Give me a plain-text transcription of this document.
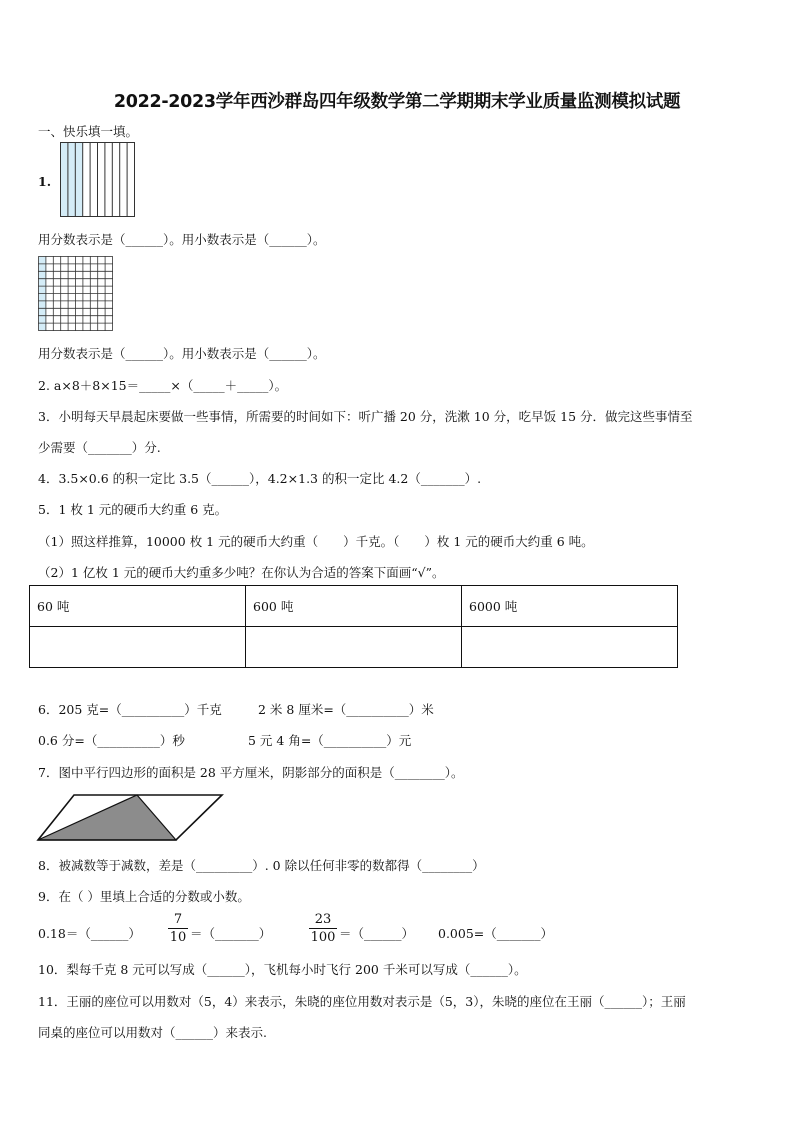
2022-2023学年西沙群岛四年级数学第二学期期末学业质量监测模拟试题
一、快乐填一填。
1.
用分数表示是（______）。用小数表示是（______）。
用分数表示是（______）。用小数表示是（______）。
2. a×8＋8×15＝_____×（_____＋_____）。
3．小明每天早晨起床要做一些事情，所需要的时间如下：听广播 20 分，洗漱 10 分，吃早饭 15 分．做完这些事情至
少需要（_______）分.
4．3.5×0.6 的积一定比 3.5（______），4.2×1.3 的积一定比 4.2（_______）.
5．1 枚 1 元的硬币大约重 6 克。
（1）照这样推算，10000 枚 1 元的硬币大约重（　　）千克。（　　）枚 1 元的硬币大约重 6 吨。
（2）1 亿枚 1 元的硬币大约重多少吨？在你认为合适的答案下面画“√”。
60 吨	600 吨	6000 吨

6．205 克=（__________）千克	2 米 8 厘米=（__________）米
0.6 分=（__________）秒	5 元 4 角=（__________）元
7．图中平行四边形的面积是 28 平方厘米，阴影部分的面积是（________）。
8．被减数等于减数，差是（_________）. 0 除以任何非零的数都得（________）
9．在（ ）里填上合适的分数或小数。
0.18＝（______）
7
10 ＝（_______）
23
100 ＝（______） 0.005=（_______）
10．梨每千克 8 元可以写成（______），飞机每小时飞行 200 千米可以写成（______）。
11．王丽的座位可以用数对（5，4）来表示，朱晓的座位用数对表示是（5，3），朱晓的座位在王丽（______）；王丽
同桌的座位可以用数对（______）来表示.
